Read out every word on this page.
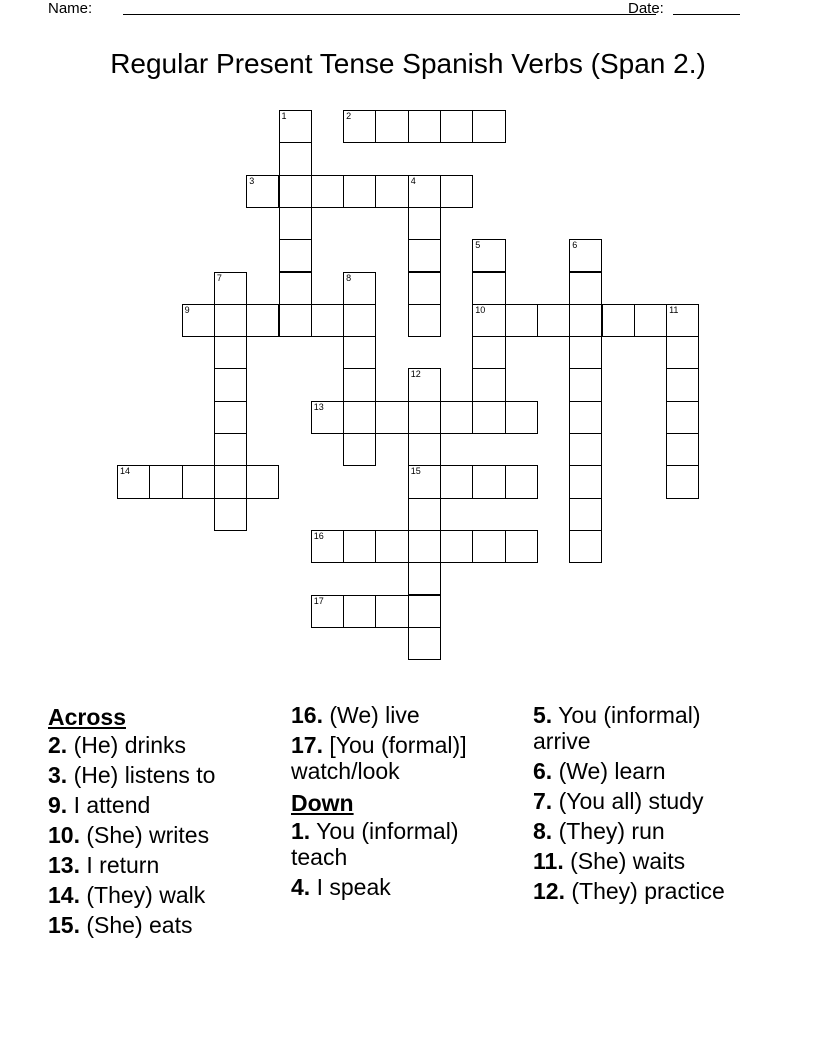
Name:	Date:
Regular Present Tense Spanish Verbs (Span 2.)
1	2
3	4
5
10
6
7	8
9	11
12
15
13
14
16
17
Across
2. (He) drinks
3. (He) listens to
9. I attend
10. (She) writes
13. I return
14. (They) walk
15. (She) eats
16. (We) live
17. [You (formal)] watch/look
Down
1. You (informal) teach
4. I speak
5. You (informal) arrive
6. (We) learn
7. (You all) study
8. (They) run
11. (She) waits
12. (They) practice
